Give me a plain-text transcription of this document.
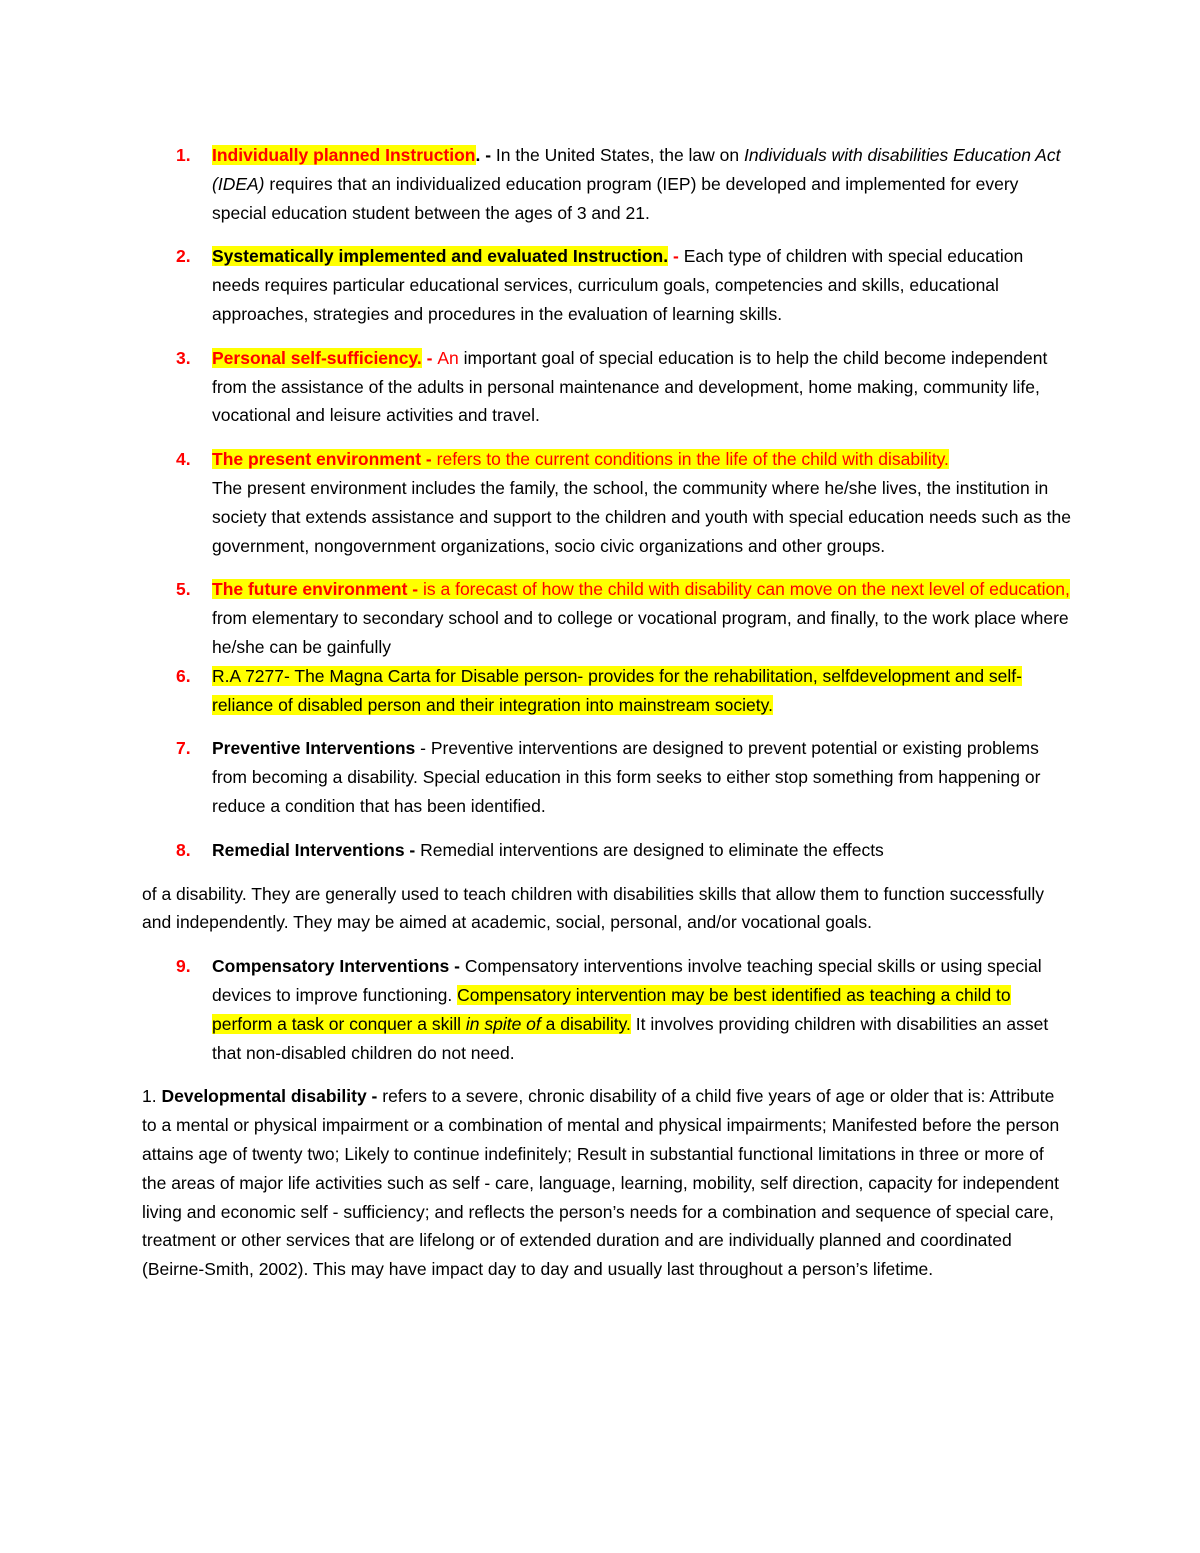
1. Individually planned Instruction. - In the United States, the law on Individuals with disabilities Education Act (IDEA) requires that an individualized education program (IEP) be developed and implemented for every special education student between the ages of 3 and 21.
2. Systematically implemented and evaluated Instruction. - Each type of children with special education needs requires particular educational services, curriculum goals, competencies and skills, educational approaches, strategies and procedures in the evaluation of learning skills.
3. Personal self-sufficiency. - An important goal of special education is to help the child become independent from the assistance of the adults in personal maintenance and development, home making, community life, vocational and leisure activities and travel.
4. The present environment - refers to the current conditions in the life of the child with disability.
The present environment includes the family, the school, the community where he/she lives, the institution in society that extends assistance and support to the children and youth with special education needs such as the government, nongovernment organizations, socio civic organizations and other groups.
5. The future environment - is a forecast of how the child with disability can move on the next level of education, from elementary to secondary school and to college or vocational program, and finally, to the work place where he/she can be gainfully
6. R.A 7277- The Magna Carta for Disable person- provides for the rehabilitation, selfdevelopment and self-reliance of disabled person and their integration into mainstream society.
7. Preventive Interventions - Preventive interventions are designed to prevent potential or existing problems from becoming a disability. Special education in this form seeks to either stop something from happening or reduce a condition that has been identified.
8. Remedial Interventions - Remedial interventions are designed to eliminate the effects

of a disability. They are generally used to teach children with disabilities skills that allow them to function successfully and independently. They may be aimed at academic, social, personal, and/or vocational goals.

9. Compensatory Interventions - Compensatory interventions involve teaching special skills or using special devices to improve functioning. Compensatory intervention may be best identified as teaching a child to perform a task or conquer a skill in spite of a disability. It involves providing children with disabilities an asset that non-disabled children do not need.

1. Developmental disability - refers to a severe, chronic disability of a child five years of age or older that is: Attribute to a mental or physical impairment or a combination of mental and physical impairments; Manifested before the person attains age of twenty two; Likely to continue indefinitely; Result in substantial functional limitations in three or more of the areas of major life activities such as self - care, language, learning, mobility, self direction, capacity for independent living and economic self - sufficiency; and reflects the person’s needs for a combination and sequence of special care, treatment or other services that are lifelong or of extended duration and are individually planned and coordinated (Beirne-Smith, 2002). This may have impact day to day and usually last throughout a person’s lifetime.
